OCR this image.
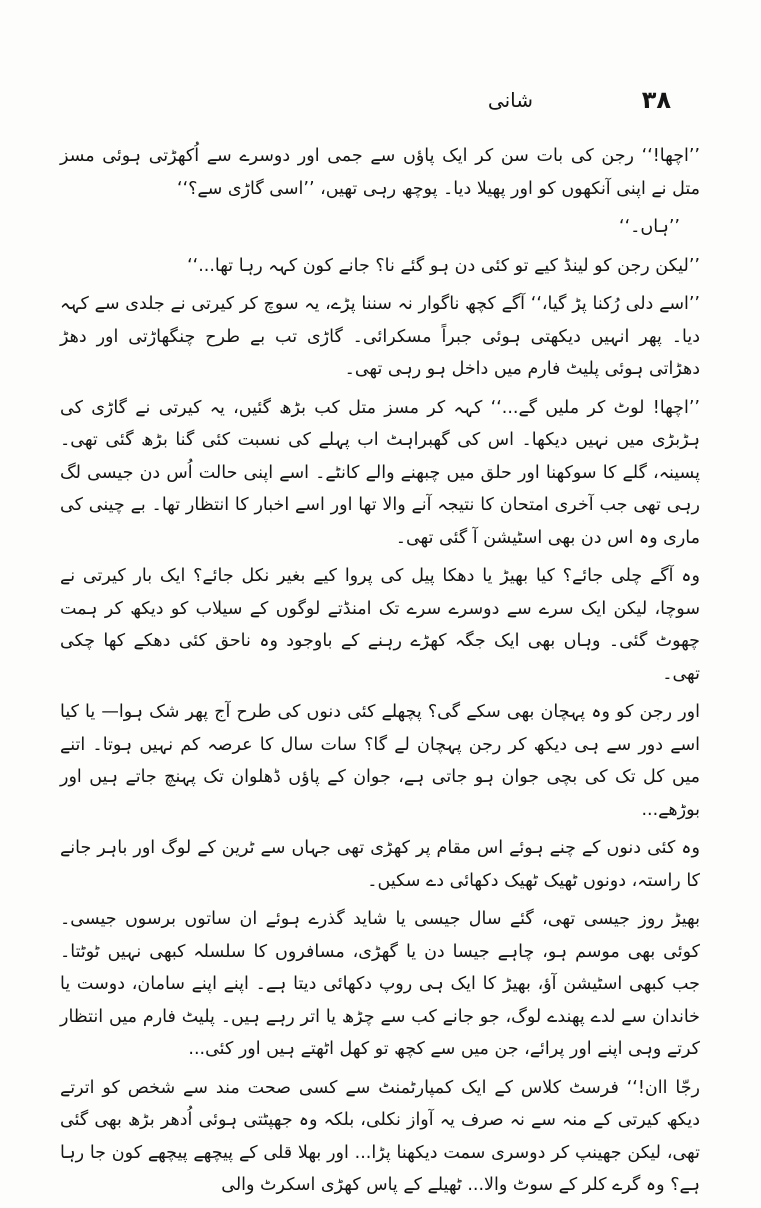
۳۸
شانی

’’اچھا!‘‘ رجن کی بات سن کر ایک پاؤں سے جمی اور دوسرے سے اُکھڑتی ہوئی مسز متل نے اپنی آنکھوں کو اور پھیلا دیا۔ پوچھ رہی تھیں، ’’اسی گاڑی سے؟‘‘

’’ہاں۔‘‘

’’لیکن رجن کو لینڈ کیے تو کئی دن ہو گئے نا؟ جانے کون کہہ رہا تھا...‘‘

’’اسے دلی رُکنا پڑ گیا،‘‘ آگے کچھ ناگوار نہ سننا پڑے، یہ سوچ کر کیرتی نے جلدی سے کہہ دیا۔ پھر انہیں دیکھتی ہوئی جبراً مسکرائی۔ گاڑی تب بے طرح چنگھاڑتی اور دھڑ دھڑاتی ہوئی پلیٹ فارم میں داخل ہو رہی تھی۔

’’اچھا! لوٹ کر ملیں گے...‘‘ کہہ کر مسز متل کب بڑھ گئیں، یہ کیرتی نے گاڑی کی ہڑبڑی میں نہیں دیکھا۔ اس کی گھبراہٹ اب پہلے کی نسبت کئی گنا بڑھ گئی تھی۔ پسینہ، گلے کا سوکھنا اور حلق میں چبھنے والے کانٹے۔ اسے اپنی حالت اُس دن جیسی لگ رہی تھی جب آخری امتحان کا نتیجہ آنے والا تھا اور اسے اخبار کا انتظار تھا۔ بے چینی کی ماری وہ اس دن بھی اسٹیشن آ گئی تھی۔

وہ آگے چلی جائے؟ کیا بھیڑ یا دھکا پیل کی پروا کیے بغیر نکل جائے؟ ایک بار کیرتی نے سوچا، لیکن ایک سرے سے دوسرے سرے تک امنڈتے لوگوں کے سیلاب کو دیکھ کر ہمت چھوٹ گئی۔ وہاں بھی ایک جگہ کھڑے رہنے کے باوجود وہ ناحق کئی دھکے کھا چکی تھی۔

اور رجن کو وہ پہچان بھی سکے گی؟ پچھلے کئی دنوں کی طرح آج پھر شک ہوا— یا کیا اسے دور سے ہی دیکھ کر رجن پہچان لے گا؟ سات سال کا عرصہ کم نہیں ہوتا۔ اتنے میں کل تک کی بچی جوان ہو جاتی ہے، جوان کے پاؤں ڈھلوان تک پہنچ جاتے ہیں اور بوڑھے...

وہ کئی دنوں کے چنے ہوئے اس مقام پر کھڑی تھی جہاں سے ٹرین کے لوگ اور باہر جانے کا راستہ، دونوں ٹھیک ٹھیک دکھائی دے سکیں۔

بھیڑ روز جیسی تھی، گئے سال جیسی یا شاید گذرے ہوئے ان ساتوں برسوں جیسی۔ کوئی بھی موسم ہو، چاہے جیسا دن یا گھڑی، مسافروں کا سلسلہ کبھی نہیں ٹوٹتا۔ جب کبھی اسٹیشن آؤ، بھیڑ کا ایک ہی روپ دکھائی دیتا ہے۔ اپنے اپنے سامان، دوست یا خاندان سے لدے پھندے لوگ، جو جانے کب سے چڑھ یا اتر رہے ہیں۔ پلیٹ فارم میں انتظار کرتے وہی اپنے اور پرائے، جن میں سے کچھ تو کھل اٹھتے ہیں اور کئی...

رجّا اان!‘‘ فرسٹ کلاس کے ایک کمپارٹمنٹ سے کسی صحت مند سے شخص کو اترتے دیکھ کیرتی کے منہ سے نہ صرف یہ آواز نکلی، بلکہ وہ جھپٹتی ہوئی اُدھر بڑھ بھی گئی تھی، لیکن جھینپ کر دوسری سمت دیکھنا پڑا... اور بھلا قلی کے پیچھے پیچھے کون جا رہا ہے؟ وہ گرے کلر کے سوٹ والا... ٹھیلے کے پاس کھڑی اسکرٹ والی
